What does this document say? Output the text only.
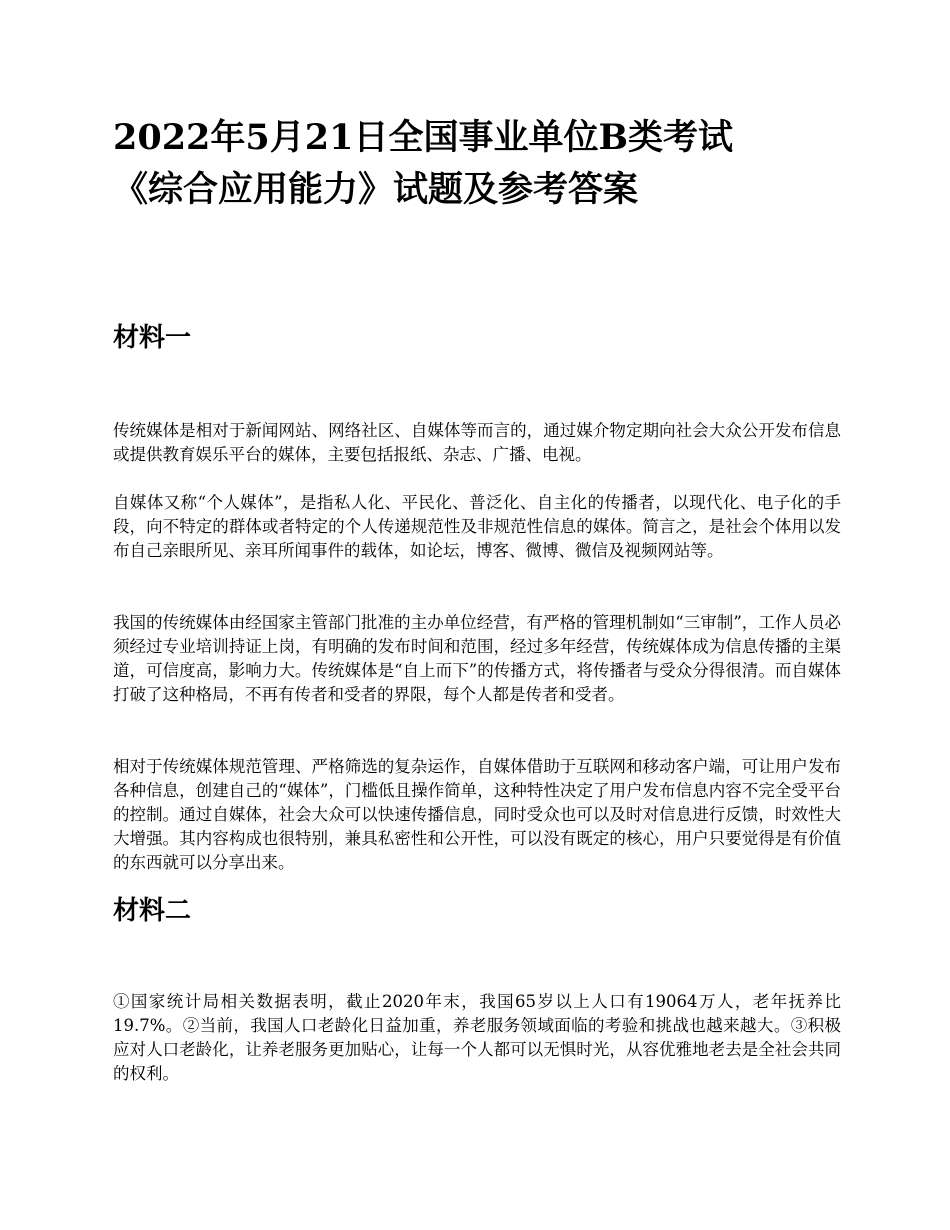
2022年5月21日全国事业单位B类考试
《综合应用能力》试题及参考答案
材料一

传统媒体是相对于新闻网站、网络社区、自媒体等而言的，通过媒介物定期向社会大众公开发布信息或提供教育娱乐平台的媒体，主要包括报纸、杂志、广播、电视。

自媒体又称“个人媒体”，是指私人化、平民化、普泛化、自主化的传播者，以现代化、电子化的手段，向不特定的群体或者特定的个人传递规范性及非规范性信息的媒体。简言之，是社会个体用以发布自己亲眼所见、亲耳所闻事件的载体，如论坛，博客、微博、微信及视频网站等。

我国的传统媒体由经国家主管部门批准的主办单位经营，有严格的管理机制如“三审制”，工作人员必须经过专业培训持证上岗，有明确的发布时间和范围，经过多年经营，传统媒体成为信息传播的主渠道，可信度高，影响力大。传统媒体是“自上而下”的传播方式，将传播者与受众分得很清。而自媒体打破了这种格局，不再有传者和受者的界限，每个人都是传者和受者。

相对于传统媒体规范管理、严格筛选的复杂运作，自媒体借助于互联网和移动客户端，可让用户发布各种信息，创建自己的“媒体”，门槛低且操作简单，这种特性决定了用户发布信息内容不完全受平台的控制。通过自媒体，社会大众可以快速传播信息，同时受众也可以及时对信息进行反馈，时效性大大增强。其内容构成也很特别，兼具私密性和公开性，可以没有既定的核心，用户只要觉得是有价值的东西就可以分享出来。

材料二

①国家统计局相关数据表明，截止2020年末，我国65岁以上人口有19064万人，老年抚养比19.7%。②当前，我国人口老龄化日益加重，养老服务领域面临的考验和挑战也越来越大。③积极应对人口老龄化，让养老服务更加贴心，让每一个人都可以无惧时光，从容优雅地老去是全社会共同的权利。
